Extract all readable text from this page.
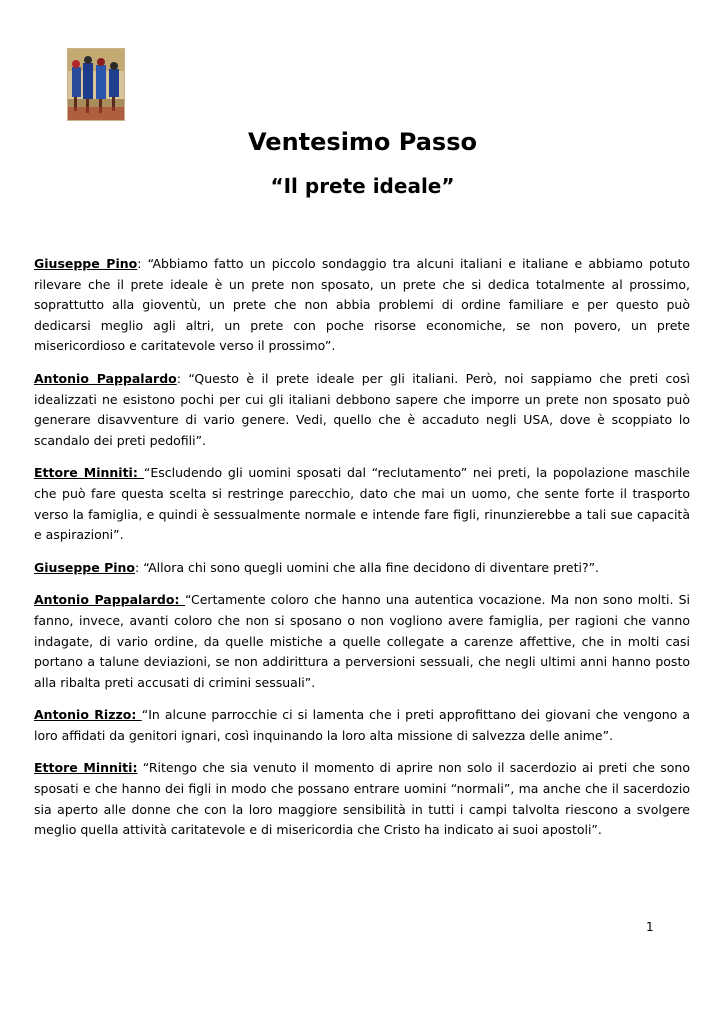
Ventesimo Passo
“Il prete ideale”

Giuseppe Pino: “Abbiamo fatto un piccolo sondaggio tra alcuni italiani e italiane e abbiamo potuto rilevare che il prete ideale è un prete non sposato, un prete che si dedica totalmente al prossimo, soprattutto alla gioventù, un prete che non abbia problemi di ordine familiare e per questo può dedicarsi meglio agli altri, un prete con poche risorse economiche, se non povero, un prete misericordioso e caritatevole verso il prossimo”.

Antonio Pappalardo: “Questo è il prete ideale per gli italiani. Però, noi sappiamo che preti così idealizzati ne esistono pochi per cui gli italiani debbono sapere che imporre un prete non sposato può generare disavventure di vario genere. Vedi, quello che è accaduto negli USA, dove è scoppiato lo scandalo dei preti pedofili”.

Ettore Minniti: “Escludendo gli uomini sposati dal “reclutamento” nei preti, la popolazione maschile che può fare questa scelta si restringe parecchio, dato che mai un uomo, che sente forte il trasporto verso la famiglia, e quindi è sessualmente normale e intende fare figli, rinunzierebbe a tali sue capacità e aspirazioni”.

Giuseppe Pino: “Allora chi sono quegli uomini che alla fine decidono di diventare preti?”.

Antonio Pappalardo: “Certamente coloro che hanno una autentica vocazione. Ma non sono molti. Si fanno, invece, avanti coloro che non si sposano o non vogliono avere famiglia, per ragioni che vanno indagate, di vario ordine, da quelle mistiche a quelle collegate a carenze affettive, che in molti casi portano a talune deviazioni, se non addirittura a perversioni sessuali, che negli ultimi anni hanno posto alla ribalta preti accusati di crimini sessuali”.

Antonio Rizzo: “In alcune parrocchie ci si lamenta che i preti approfittano dei giovani che vengono a loro affidati da genitori ignari, così inquinando la loro alta missione di salvezza delle anime”.

Ettore Minniti: “Ritengo che sia venuto il momento di aprire non solo il sacerdozio ai preti che sono sposati e che hanno dei figli in modo che possano entrare uomini “normali”, ma anche che il sacerdozio sia aperto alle donne che con la loro maggiore sensibilità in tutti i campi talvolta riescono a svolgere meglio quella attività caritatevole e di misericordia che Cristo ha indicato ai suoi apostoli”.

1
